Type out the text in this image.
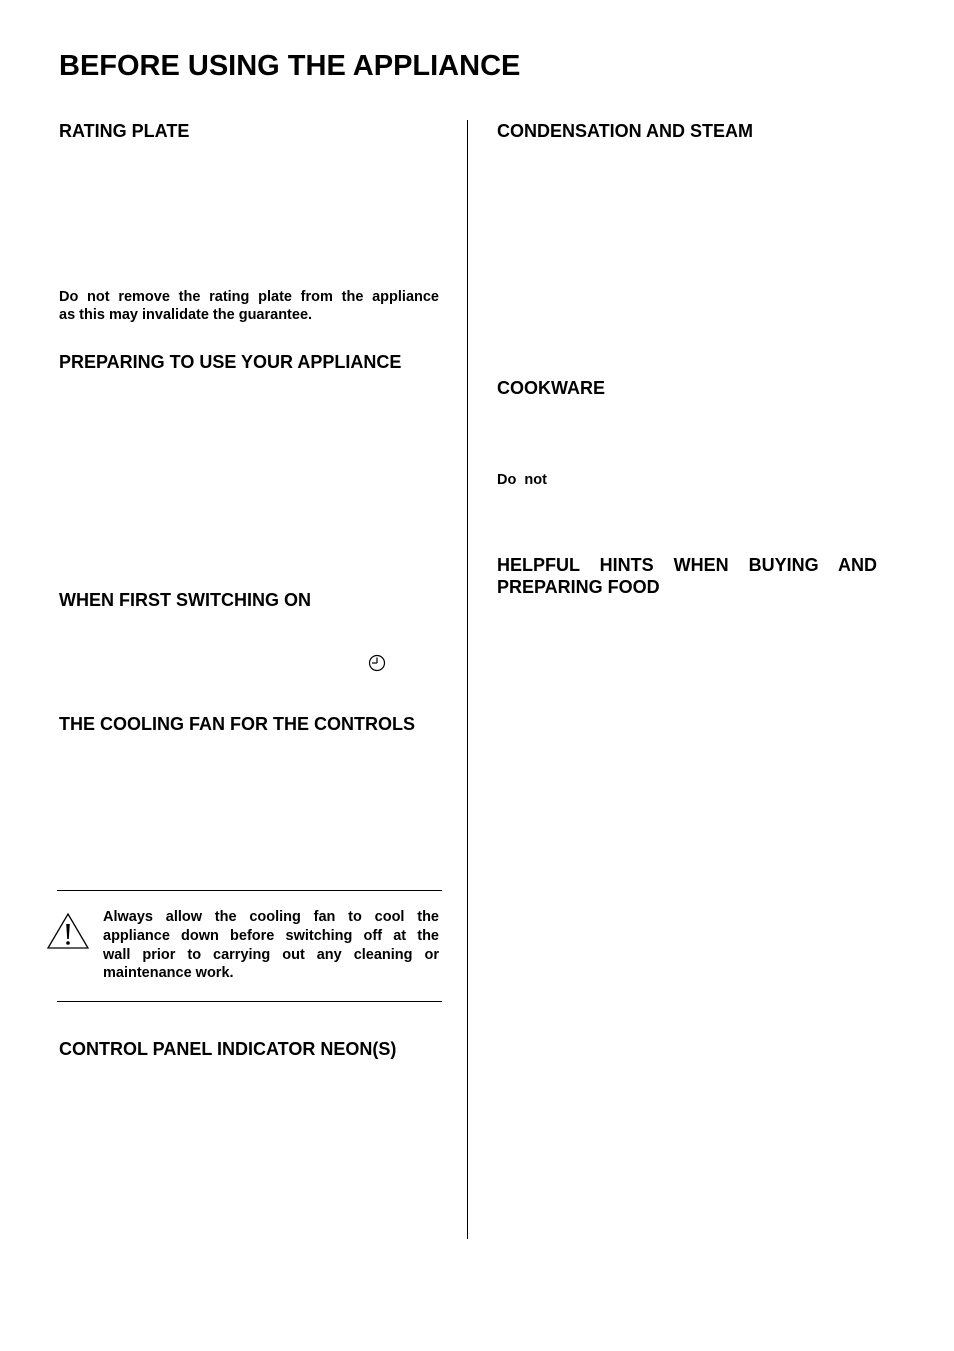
BEFORE USING THE APPLIANCE
RATING PLATE
Do not remove the rating plate from the appliance
as this may invalidate the guarantee.
PREPARING TO USE YOUR APPLIANCE
WHEN FIRST SWITCHING ON
THE COOLING FAN FOR THE CONTROLS
Always allow the cooling fan to cool the
appliance down before switching off at the
wall prior to carrying out any cleaning or
maintenance work.
CONTROL PANEL INDICATOR NEON(S)
CONDENSATION AND STEAM
COOKWARE
Do  not
HELPFUL HINTS WHEN BUYING AND
PREPARING FOOD
